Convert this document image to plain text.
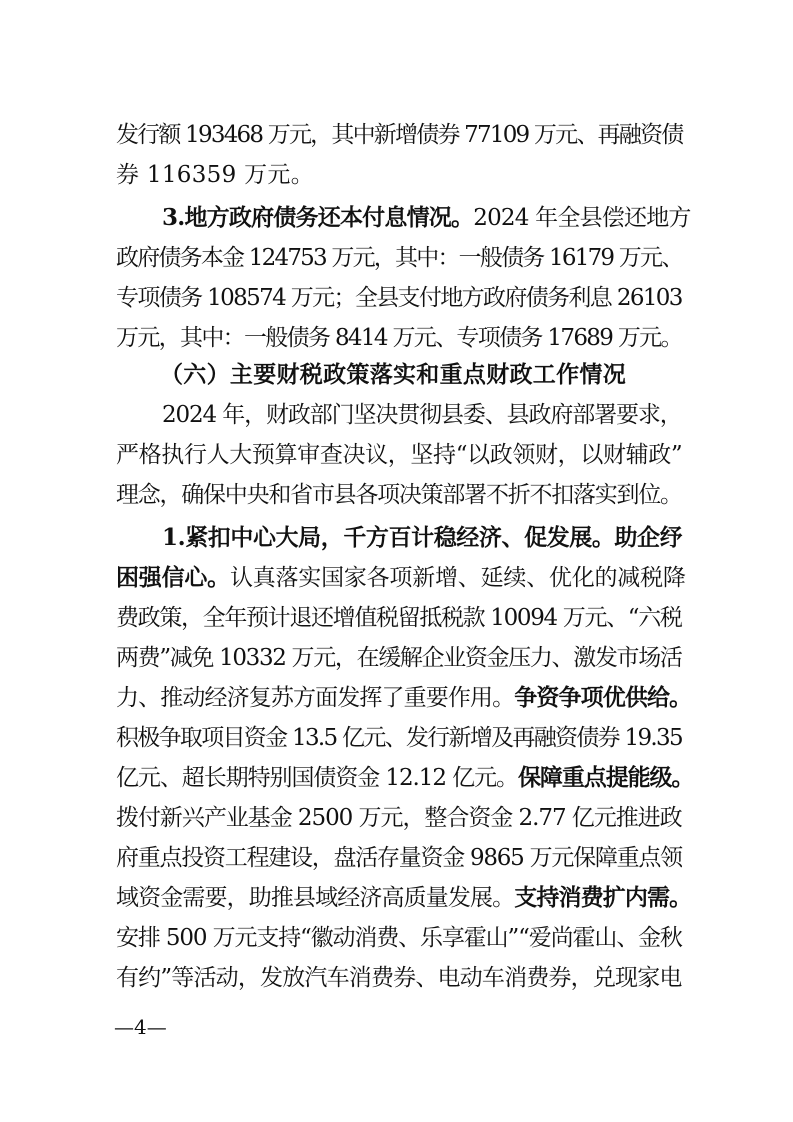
发行额 193468 万元，其中新增债券 77109 万元、再融资债
券 116359 万元。
3.地方政府债务还本付息情况。2024 年全县偿还地方
政府债务本金 124753 万元，其中：一般债务 16179 万元、
专项债务 108574 万元；全县支付地方政府债务利息 26103
万元，其中：一般债务 8414 万元、专项债务 17689 万元。
（六）主要财税政策落实和重点财政工作情况
2024 年，财政部门坚决贯彻县委、县政府部署要求，
严格执行人大预算审查决议，坚持“以政领财，以财辅政”
理念，确保中央和省市县各项决策部署不折不扣落实到位。
1.紧扣中心大局，千方百计稳经济、促发展。助企纾
困强信心。认真落实国家各项新增、延续、优化的减税降
费政策，全年预计退还增值税留抵税款 10094 万元、“六税
两费”减免 10332 万元，在缓解企业资金压力、激发市场活
力、推动经济复苏方面发挥了重要作用。争资争项优供给。
积极争取项目资金 13.5 亿元、发行新增及再融资债券 19.35
亿元、超长期特别国债资金 12.12 亿元。保障重点提能级。
拨付新兴产业基金 2500 万元，整合资金 2.77 亿元推进政
府重点投资工程建设，盘活存量资金 9865 万元保障重点领
域资金需要，助推县域经济高质量发展。支持消费扩内需。
安排 500 万元支持“徽动消费、乐享霍山”“爱尚霍山、金秋
有约”等活动，发放汽车消费券、电动车消费券，兑现家电
—4—
